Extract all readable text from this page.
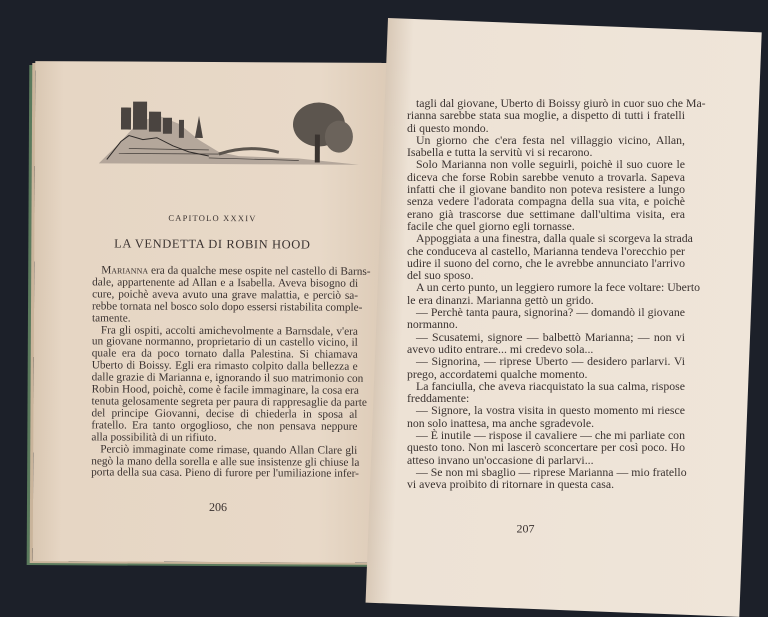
CAPITOLO XXXIV
LA VENDETTA DI ROBIN HOOD
Marianna era da qualche mese ospite nel castello di Barns-
dale, appartenente ad Allan e a Isabella. Aveva bisogno di
cure, poichè aveva avuto una grave malattia, e perciò sa-
rebbe tornata nel bosco solo dopo essersi ristabilita comple-
tamente.
Fra gli ospiti, accolti amichevolmente a Barnsdale, v'era
un giovane normanno, proprietario di un castello vicino, il
quale era da poco tornato dalla Palestina. Si chiamava
Uberto di Boissy. Egli era rimasto colpito dalla bellezza e
dalle grazie di Marianna e, ignorando il suo matrimonio con
Robin Hood, poichè, come è facile immaginare, la cosa era
tenuta gelosamente segreta per paura di rappresaglie da parte
del principe Giovanni, decise di chiederla in sposa al
fratello. Era tanto orgoglioso, che non pensava neppure
alla possibilità di un rifiuto.
Perciò immaginate come rimase, quando Allan Clare gli
negò la mano della sorella e alle sue insistenze gli chiuse la
porta della sua casa. Pieno di furore per l'umiliazione infer-
206
tagli dal giovane, Uberto di Boissy giurò in cuor suo che Ma-
rianna sarebbe stata sua moglie, a dispetto di tutti i fratelli
di questo mondo.
Un giorno che c'era festa nel villaggio vicino, Allan,
Isabella e tutta la servitù vi si recarono.
Solo Marianna non volle seguirli, poichè il suo cuore le
diceva che forse Robin sarebbe venuto a trovarla. Sapeva
infatti che il giovane bandito non poteva resistere a lungo
senza vedere l'adorata compagna della sua vita, e poichè
erano già trascorse due settimane dall'ultima visita, era
facile che quel giorno egli tornasse.
Appoggiata a una finestra, dalla quale si scorgeva la strada
che conduceva al castello, Marianna tendeva l'orecchio per
udire il suono del corno, che le avrebbe annunciato l'arrivo
del suo sposo.
A un certo punto, un leggiero rumore la fece voltare: Uberto
le era dinanzi. Marianna gettò un grido.
— Perchè tanta paura, signorina? — domandò il giovane
normanno.
— Scusatemi, signore — balbettò Marianna; — non vi
avevo udito entrare... mi credevo sola...
— Signorina, — riprese Uberto — desidero parlarvi. Vi
prego, accordatemi qualche momento.
La fanciulla, che aveva riacquistato la sua calma, rispose
freddamente:
— Signore, la vostra visita in questo momento mi riesce
non solo inattesa, ma anche sgradevole.
— È inutile — rispose il cavaliere — che mi parliate con
questo tono. Non mi lascerò sconcertare per così poco. Ho
atteso invano un'occasione di parlarvi...
— Se non mi sbaglio — riprese Marianna — mio fratello
vi aveva proibito di ritornare in questa casa.
207
